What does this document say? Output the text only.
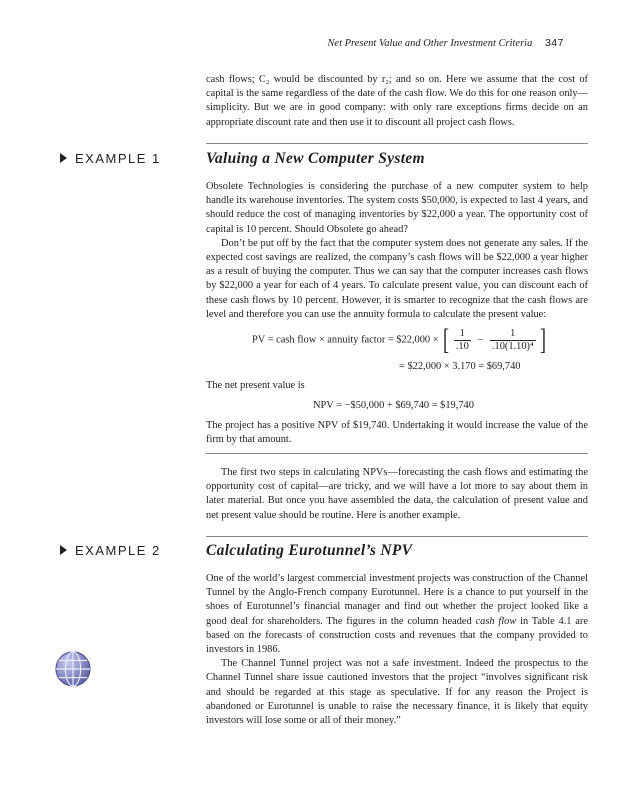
Net Present Value and Other Investment Criteria 347

cash flows; C₂ would be discounted by r₂; and so on. Here we assume that the cost of capital is the same regardless of the date of the cash flow. We do this for one reason only—simplicity. But we are in good company: with only rare exceptions firms decide on an appropriate discount rate and then use it to discount all project cash flows.

EXAMPLE 1	Valuing a New Computer System

Obsolete Technologies is considering the purchase of a new computer system to help handle its warehouse inventories. The system costs $50,000, is expected to last 4 years, and should reduce the cost of managing inventories by $22,000 a year. The opportunity cost of capital is 10 percent. Should Obsolete go ahead?

Don’t be put off by the fact that the computer system does not generate any sales. If the expected cost savings are realized, the company’s cash flows will be $22,000 a year higher as a result of buying the computer. Thus we can say that the computer increases cash flows by $22,000 a year for each of 4 years. To calculate present value, you can discount each of these cash flows by 10 percent. However, it is smarter to recognize that the cash flows are level and therefore you can use the annuity formula to calculate the present value:

PV = cash flow × annuity factor = $22,000 × [ $\frac{1}{.10} - \frac{1}{\text{.10(1.10)⁴}}$ ]
= $22,000 × 3.170 = $69,740

The net present value is

NPV = −$50,000 + $69,740 = $19,740

The project has a positive NPV of $19,740. Undertaking it would increase the value of the firm by that amount.

The first two steps in calculating NPVs—forecasting the cash flows and estimating the opportunity cost of capital—are tricky, and we will have a lot more to say about them in later material. But once you have assembled the data, the calculation of present value and net present value should be routine. Here is another example.

EXAMPLE 2	Calculating Eurotunnel’s NPV

One of the world’s largest commercial investment projects was construction of the Channel Tunnel by the Anglo-French company Eurotunnel. Here is a chance to put yourself in the shoes of Eurotunnel’s financial manager and find out whether the project looked like a good deal for shareholders. The figures in the column headed cash flow in Table 4.1 are based on the forecasts of construction costs and revenues that the company provided to investors in 1986.

The Channel Tunnel project was not a safe investment. Indeed the prospectus to the Channel Tunnel share issue cautioned investors that the project “involves significant risk and should be regarded at this stage as speculative. If for any reason the Project is abandoned or Eurotunnel is unable to raise the necessary finance, it is likely that equity investors will lose some or all of their money.”
